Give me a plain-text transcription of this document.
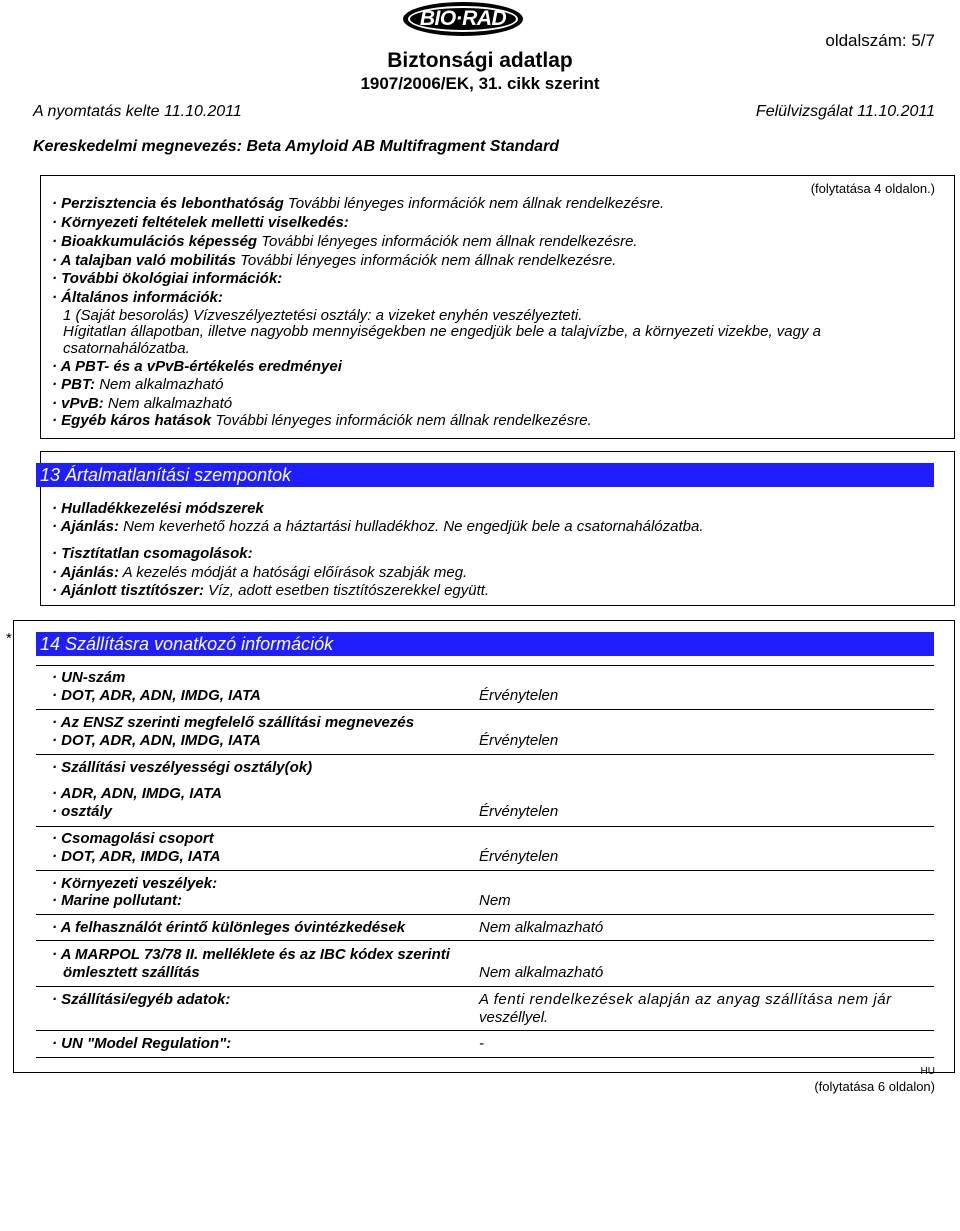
BIO·RAD
Biztonsági adatlap
1907/2006/EK, 31. cikk szerint
oldalszám: 5/7
A nyomtatás kelte 11.10.2011	Felülvizsgálat 11.10.2011
Kereskedelmi megnevezés: Beta Amyloid AB Multifragment Standard
(folytatása 4 oldalon.)
· Perzisztencia és lebonthatóság További lényeges információk nem állnak rendelkezésre.
· Környezeti feltételek melletti viselkedés:
· Bioakkumulációs képesség További lényeges információk nem állnak rendelkezésre.
· A talajban való mobilitás További lényeges információk nem állnak rendelkezésre.
· További ökológiai információk:
· Általános információk:
1 (Saját besorolás) Vízveszélyeztetési osztály: a vizeket enyhén veszélyezteti.
Hígitatlan állapotban, illetve nagyobb mennyiségekben ne engedjük bele a talajvízbe, a környezeti vizekbe, vagy a
csatornahálózatba.
· A PBT- és a vPvB-értékelés eredményei
· PBT: Nem alkalmazható
· vPvB: Nem alkalmazható
· Egyéb káros hatások További lényeges információk nem állnak rendelkezésre.
13 Ártalmatlanítási szempontok
· Hulladékkezelési módszerek
· Ajánlás: Nem keverhető hozzá a háztartási hulladékhoz. Ne engedjük bele a csatornahálózatba.
· Tisztítatlan csomagolások:
· Ajánlás: A kezelés módját a hatósági előírások szabják meg.
· Ajánlott tisztítószer: Víz, adott esetben tisztítószerekkel együtt.
* 14 Szállításra vonatkozó információk
· UN-szám
· DOT, ADR, ADN, IMDG, IATA	Érvénytelen
· Az ENSZ szerinti megfelelő szállítási megnevezés
· DOT, ADR, ADN, IMDG, IATA	Érvénytelen
· Szállítási veszélyességi osztály(ok)
· ADR, ADN, IMDG, IATA
· osztály	Érvénytelen
· Csomagolási csoport
· DOT, ADR, IMDG, IATA	Érvénytelen
· Környezeti veszélyek:
· Marine pollutant:	Nem
· A felhasználót érintő különleges óvintézkedések	Nem alkalmazható
· A MARPOL 73/78 II. melléklete és az IBC kódex szerinti
ömlesztett szállítás	Nem alkalmazható
· Szállítási/egyéb adatok:	A fenti rendelkezések alapján az anyag szállítása nem jár
veszéllyel.
· UN "Model Regulation":	-
HU
(folytatása 6 oldalon)
